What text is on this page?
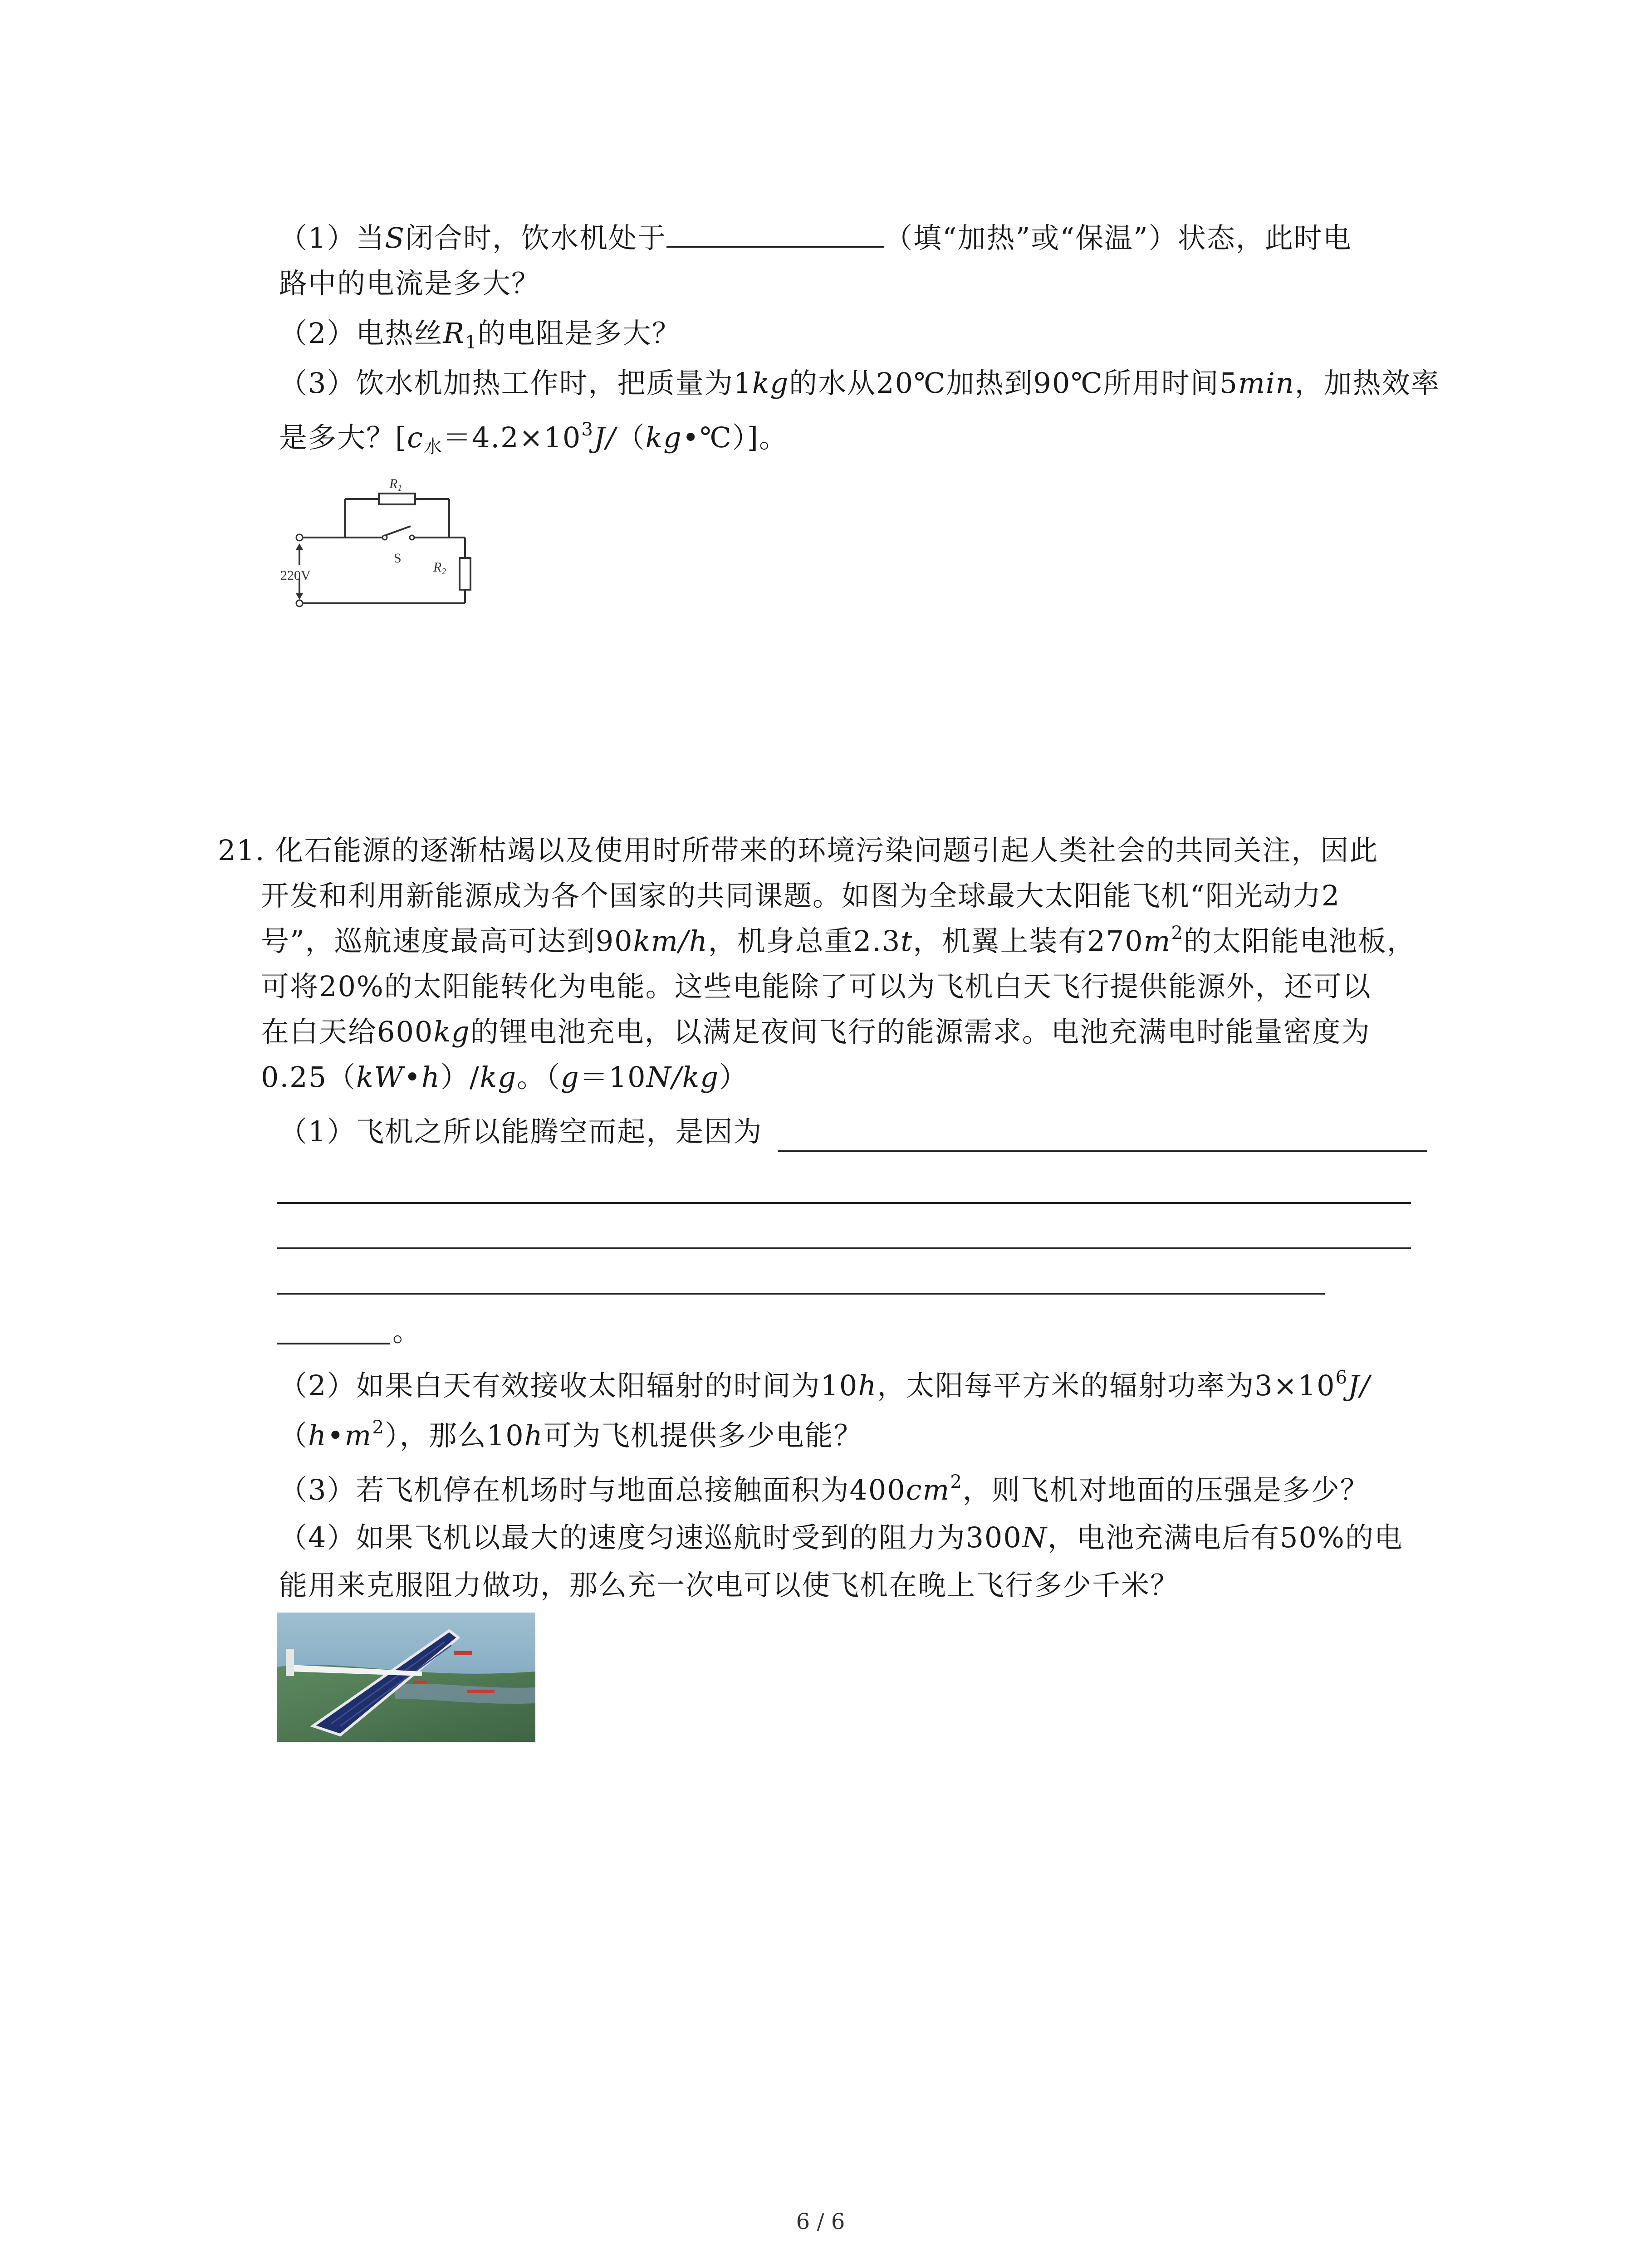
（1）当S闭合时，饮水机处于	（填“加热”或“保温”）状态，此时电
路中的电流是多大？
（2）电热丝$R_1$的电阻是多大？
（3）饮水机加热工作时，把质量为1kg的水从20℃加热到90℃所用时间5min，加热效率
是多大？$[c_水=4.2\times 10^3J/(kg•℃)]$。
$R_1$
S
$R_2$
220V
21. 化石能源的逐渐枯竭以及使用时所带来的环境污染问题引起人类社会的共同关注，因此
开发和利用新能源成为各个国家的共同课题。如图为全球最大太阳能飞机“阳光动力2
号”，巡航速度最高可达到90km/h，机身总重2.3t，机翼上装有$270m^2$的太阳能电池板，
可将20%的太阳能转化为电能。这些电能除了可以为飞机白天飞行提供能源外，还可以
在白天给600kg的锂电池充电，以满足夜间飞行的能源需求。电池充满电时能量密度为
0.25（kW•h）/kg。（g＝10N/kg）
（1）飞机之所以能腾空而起，是因为
。
（2）如果白天有效接收太阳辐射的时间为10h，太阳每平方米的辐射功率为$3\times 10^6J/$
$(h•m^2)$，那么10h可为飞机提供多少电能？
（3）若飞机停在机场时与地面总接触面积为$400cm^2$，则飞机对地面的压强是多少？
（4）如果飞机以最大的速度匀速巡航时受到的阻力为300N，电池充满电后有50%的电
能用来克服阻力做功，那么充一次电可以使飞机在晚上飞行多少千米？
6 / 6
